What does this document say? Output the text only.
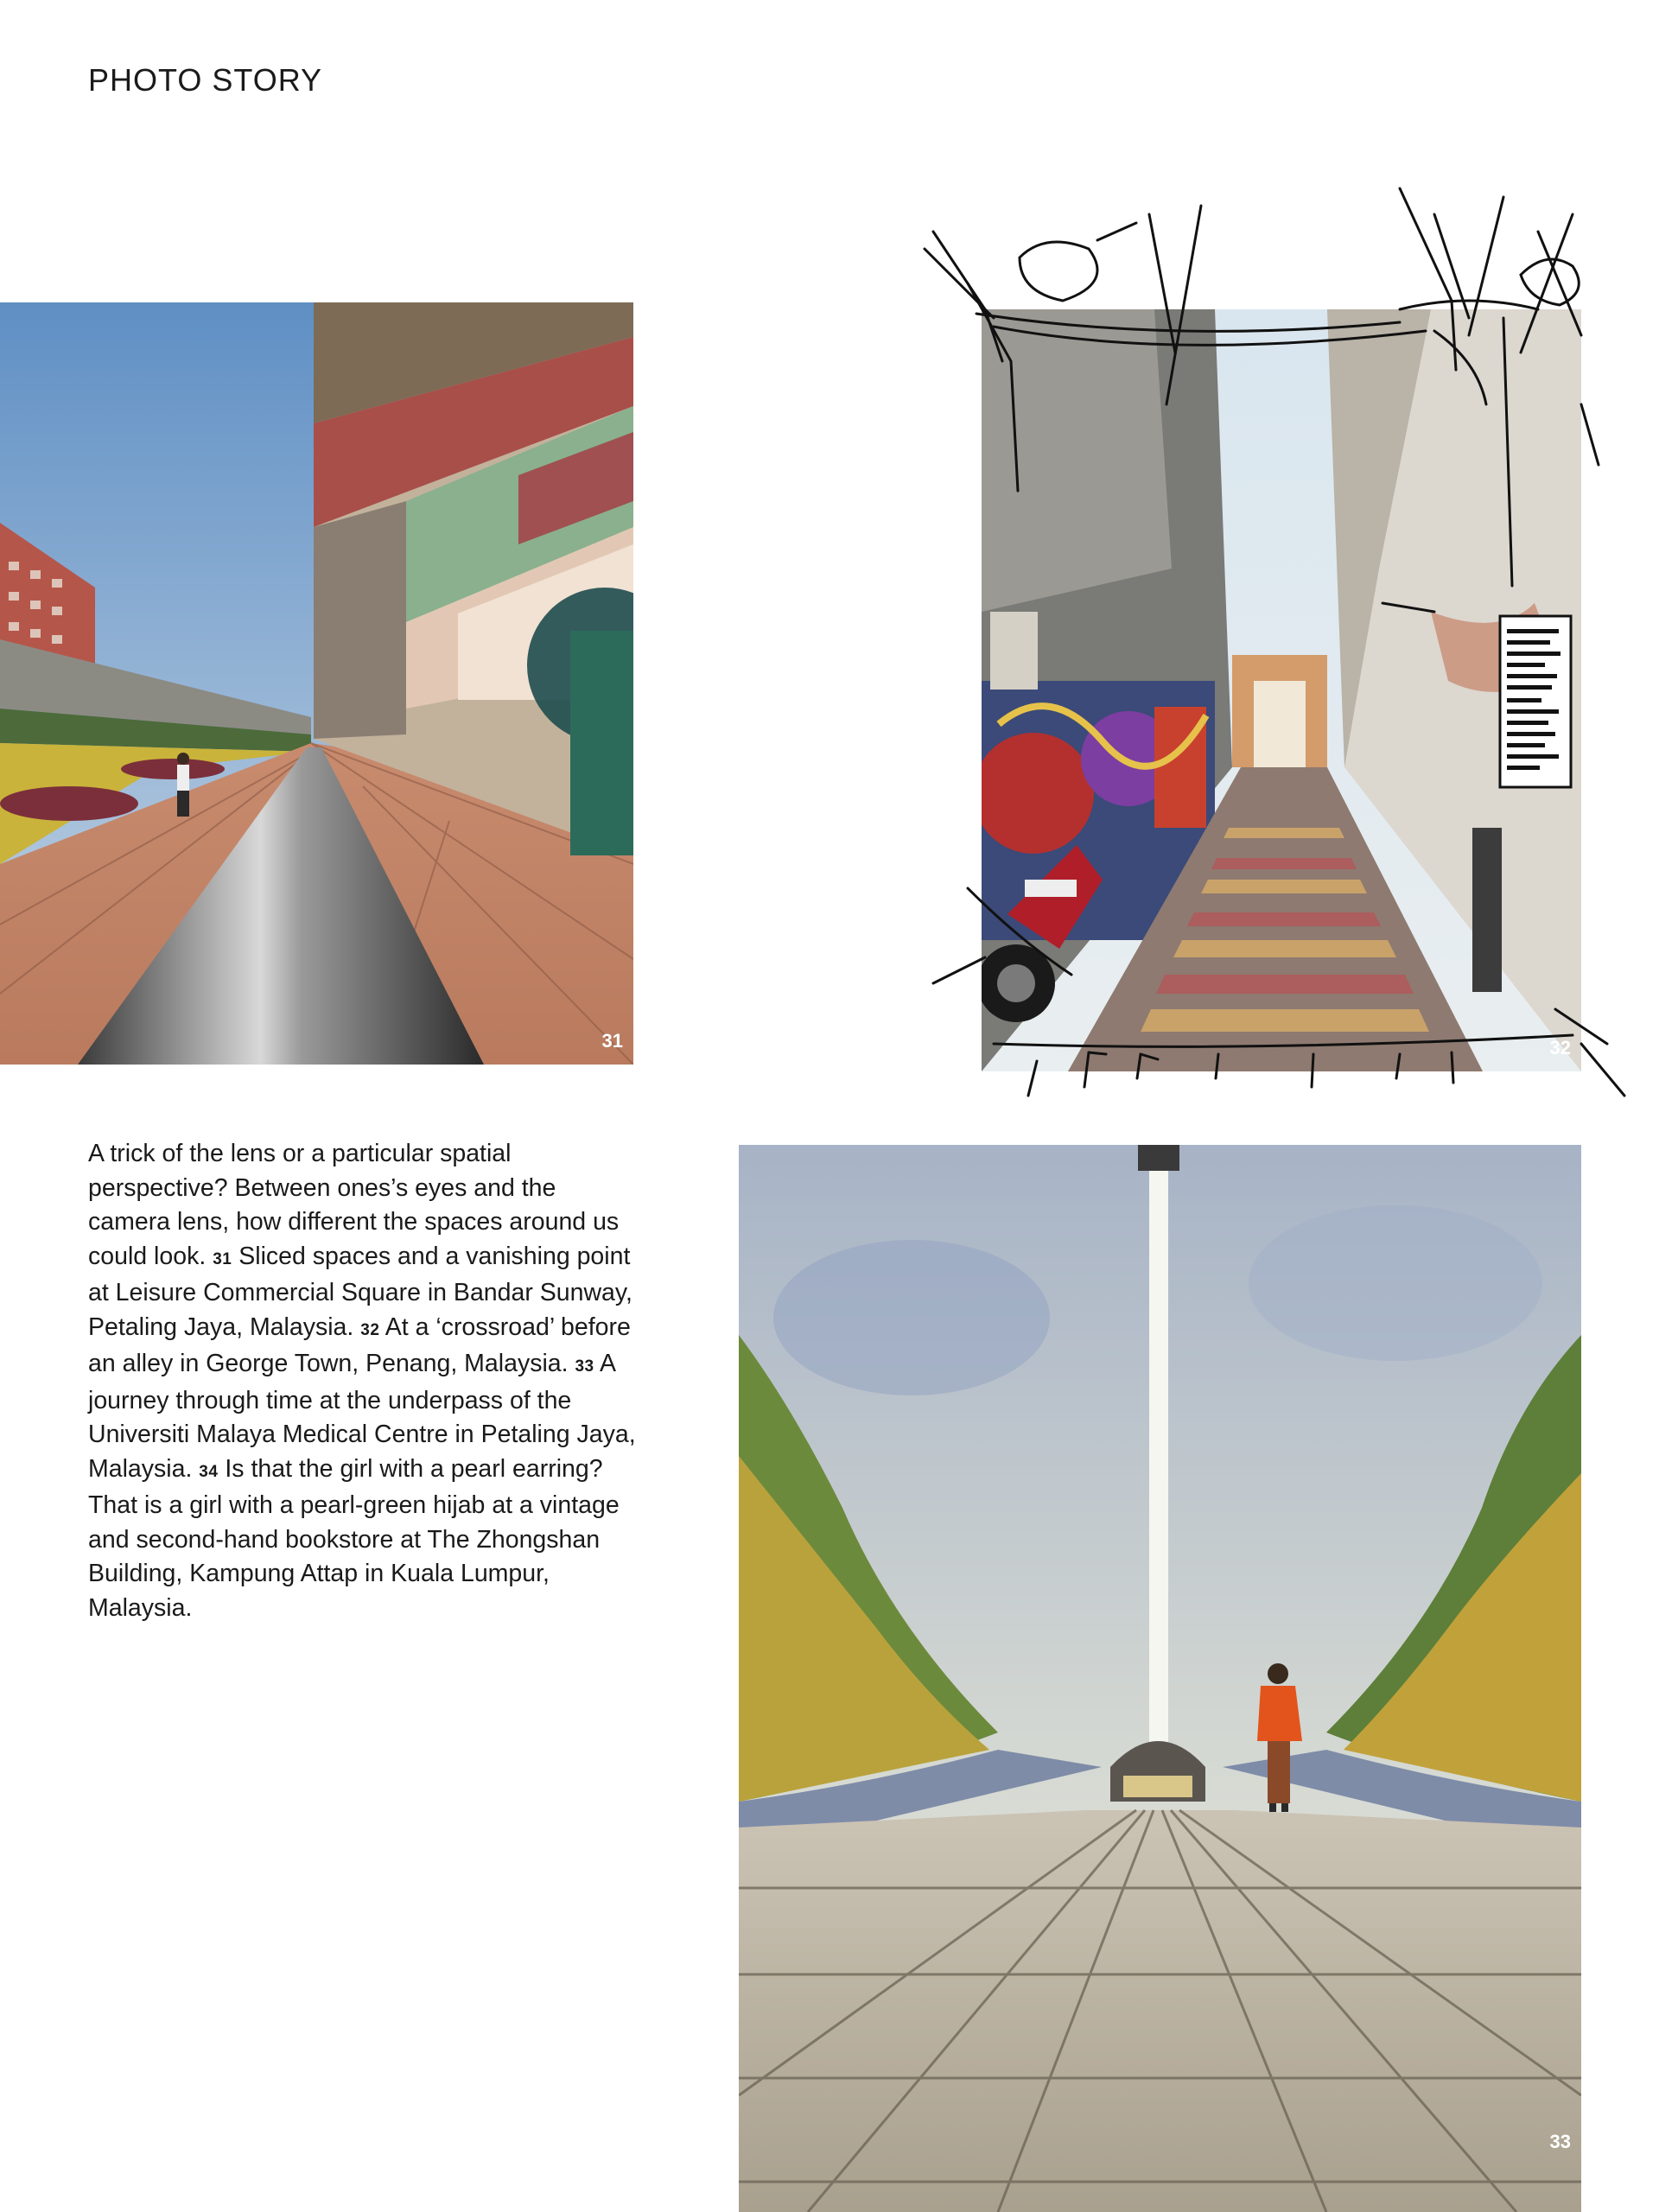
PHOTO STORY
31	32
33

A trick of the lens or a particular spatial perspective? Between ones’s eyes and the camera lens, how different the spaces around us could look. 31 Sliced spaces and a vanishing point at Leisure Commercial Square in Bandar Sunway, Petaling Jaya, Malaysia. 32 At a ‘crossroad’ before an alley in George Town, Penang, Malaysia. 33 A journey through time at the underpass of the Universiti Malaya Medical Centre in Petaling Jaya, Malaysia. 34 Is that the girl with a pearl earring? That is a girl with a pearl-green hijab at a vintage and second-hand bookstore at The Zhongshan Building, Kampung Attap in Kuala Lumpur, Malaysia.
